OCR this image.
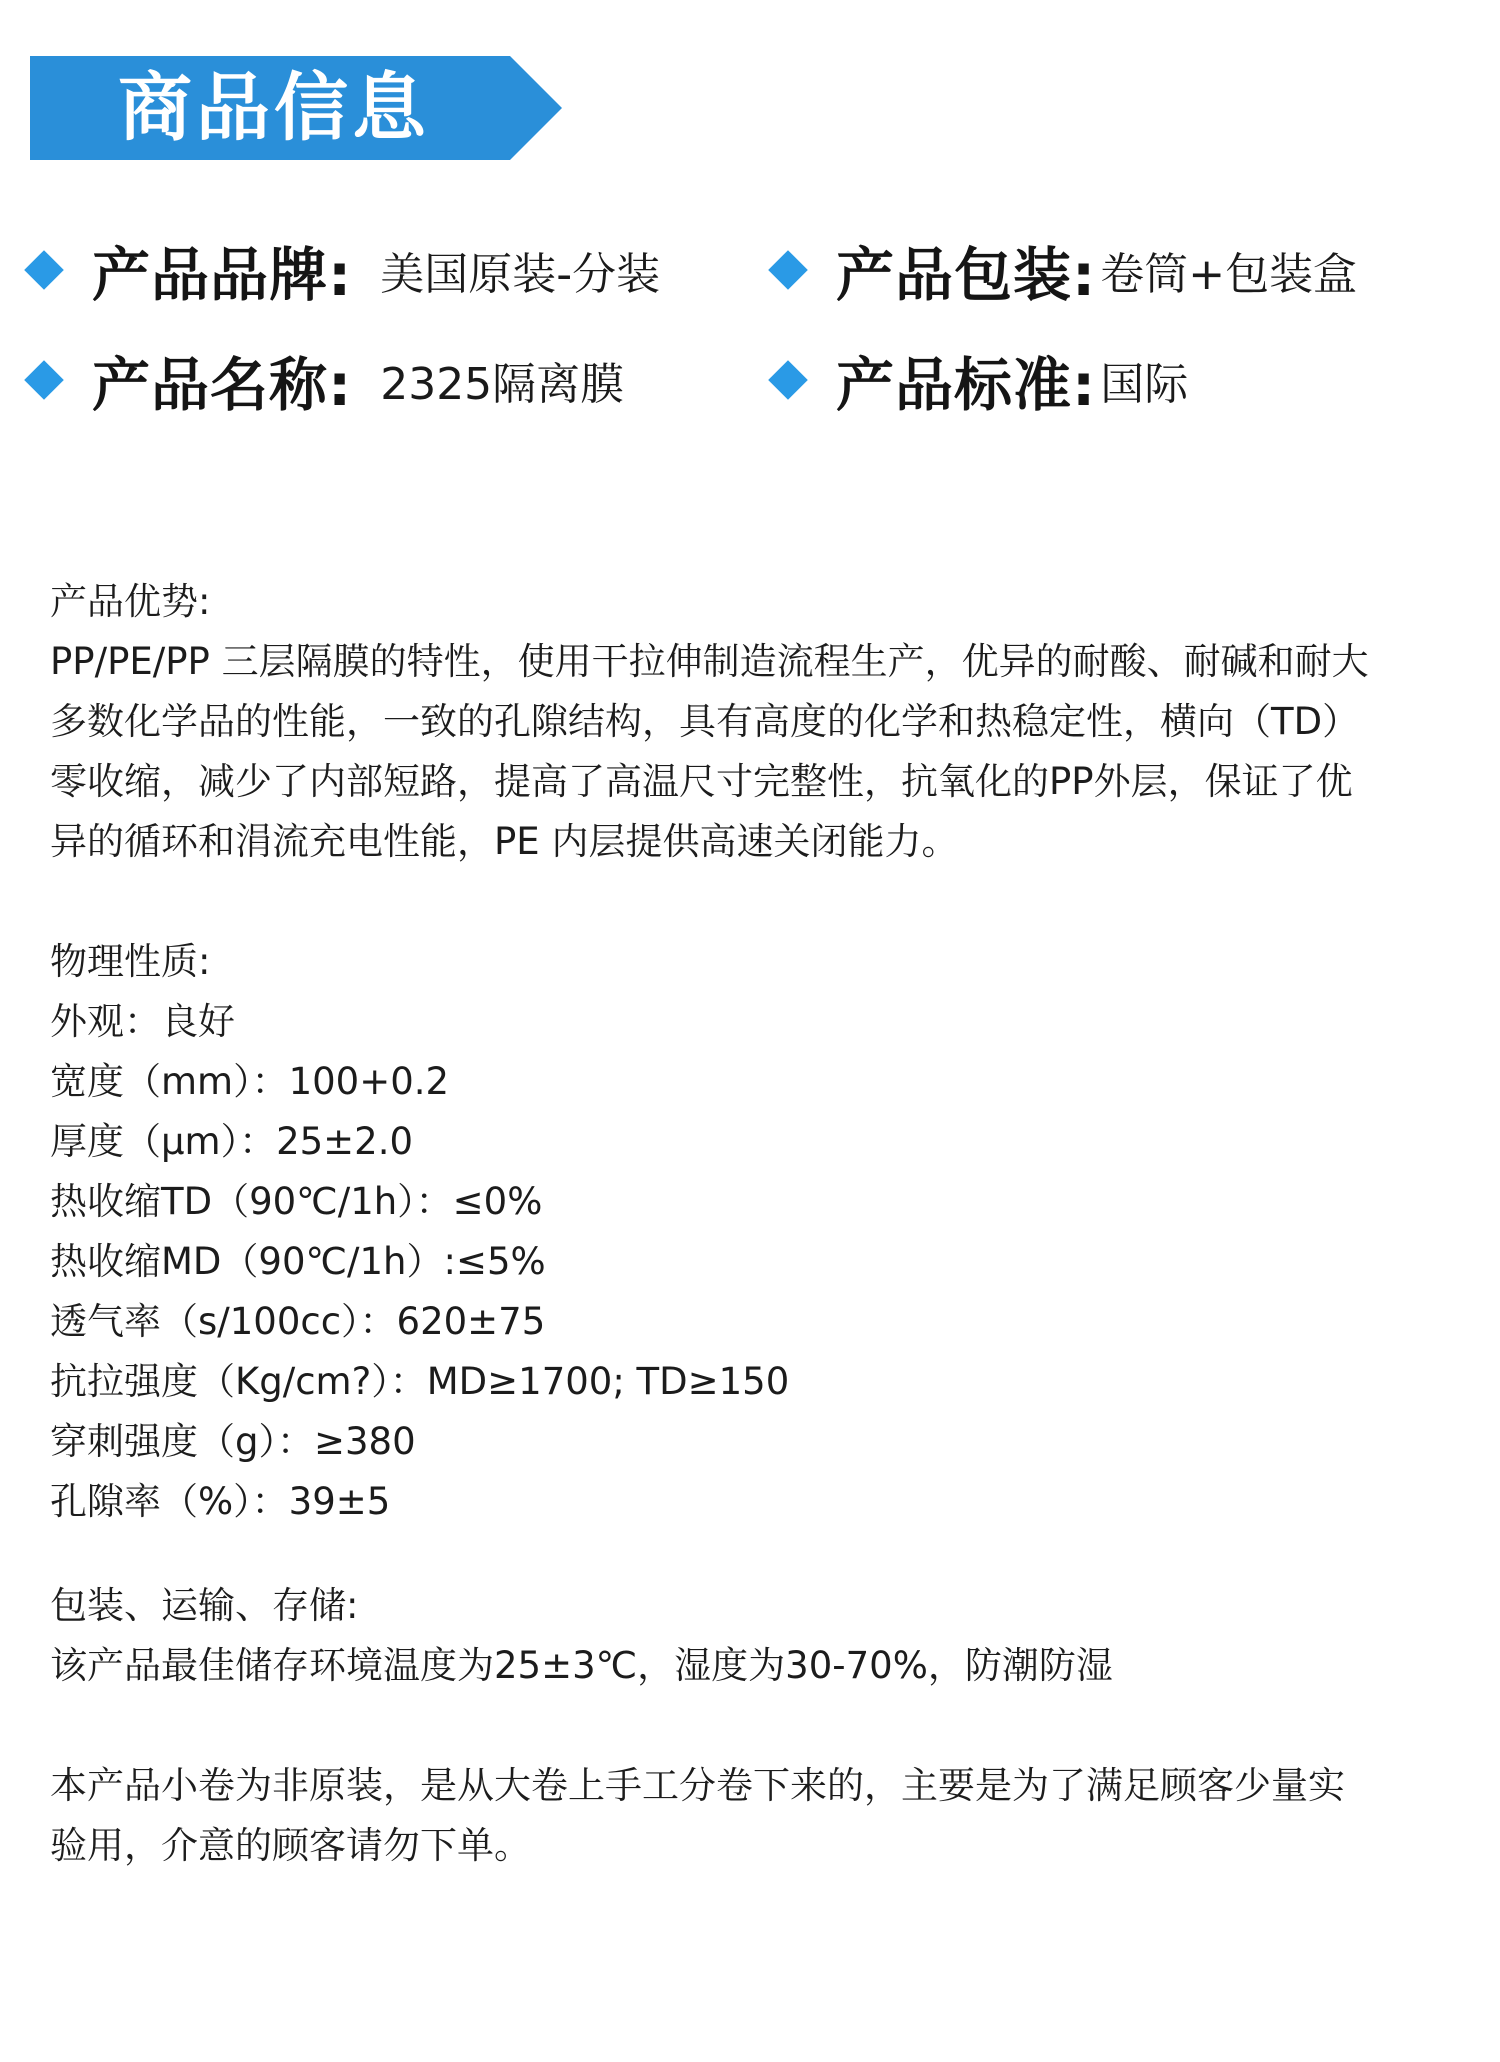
商品信息
产品品牌: 美国原装-分装	产品包装: 卷筒+包装盒
产品名称: 2325隔离膜	产品标准: 国际
产品优势:
PP/PE/PP 三层隔膜的特性，使用干拉伸制造流程生产，优异的耐酸、耐碱和耐大
多数化学品的性能，一致的孔隙结构，具有高度的化学和热稳定性，横向（TD）
零收缩，减少了内部短路，提高了高温尺寸完整性，抗氧化的PP外层，保证了优
异的循环和涓流充电性能，PE 内层提供高速关闭能力。
物理性质:
外观：良好
宽度（mm）：100+0.2
厚度（μm）：25±2.0
热收缩TD（90℃/1h）：≤0%
热收缩MD（90℃/1h）:≤5%
透气率（s/100cc）：620±75
抗拉强度（Kg/cm?）：MD≥1700; TD≥150
穿刺强度（g）：≥380
孔隙率（%）：39±5
包装、运输、存储:
该产品最佳储存环境温度为25±3℃，湿度为30-70%，防潮防湿
本产品小卷为非原装，是从大卷上手工分卷下来的，主要是为了满足顾客少量实
验用，介意的顾客请勿下单。
